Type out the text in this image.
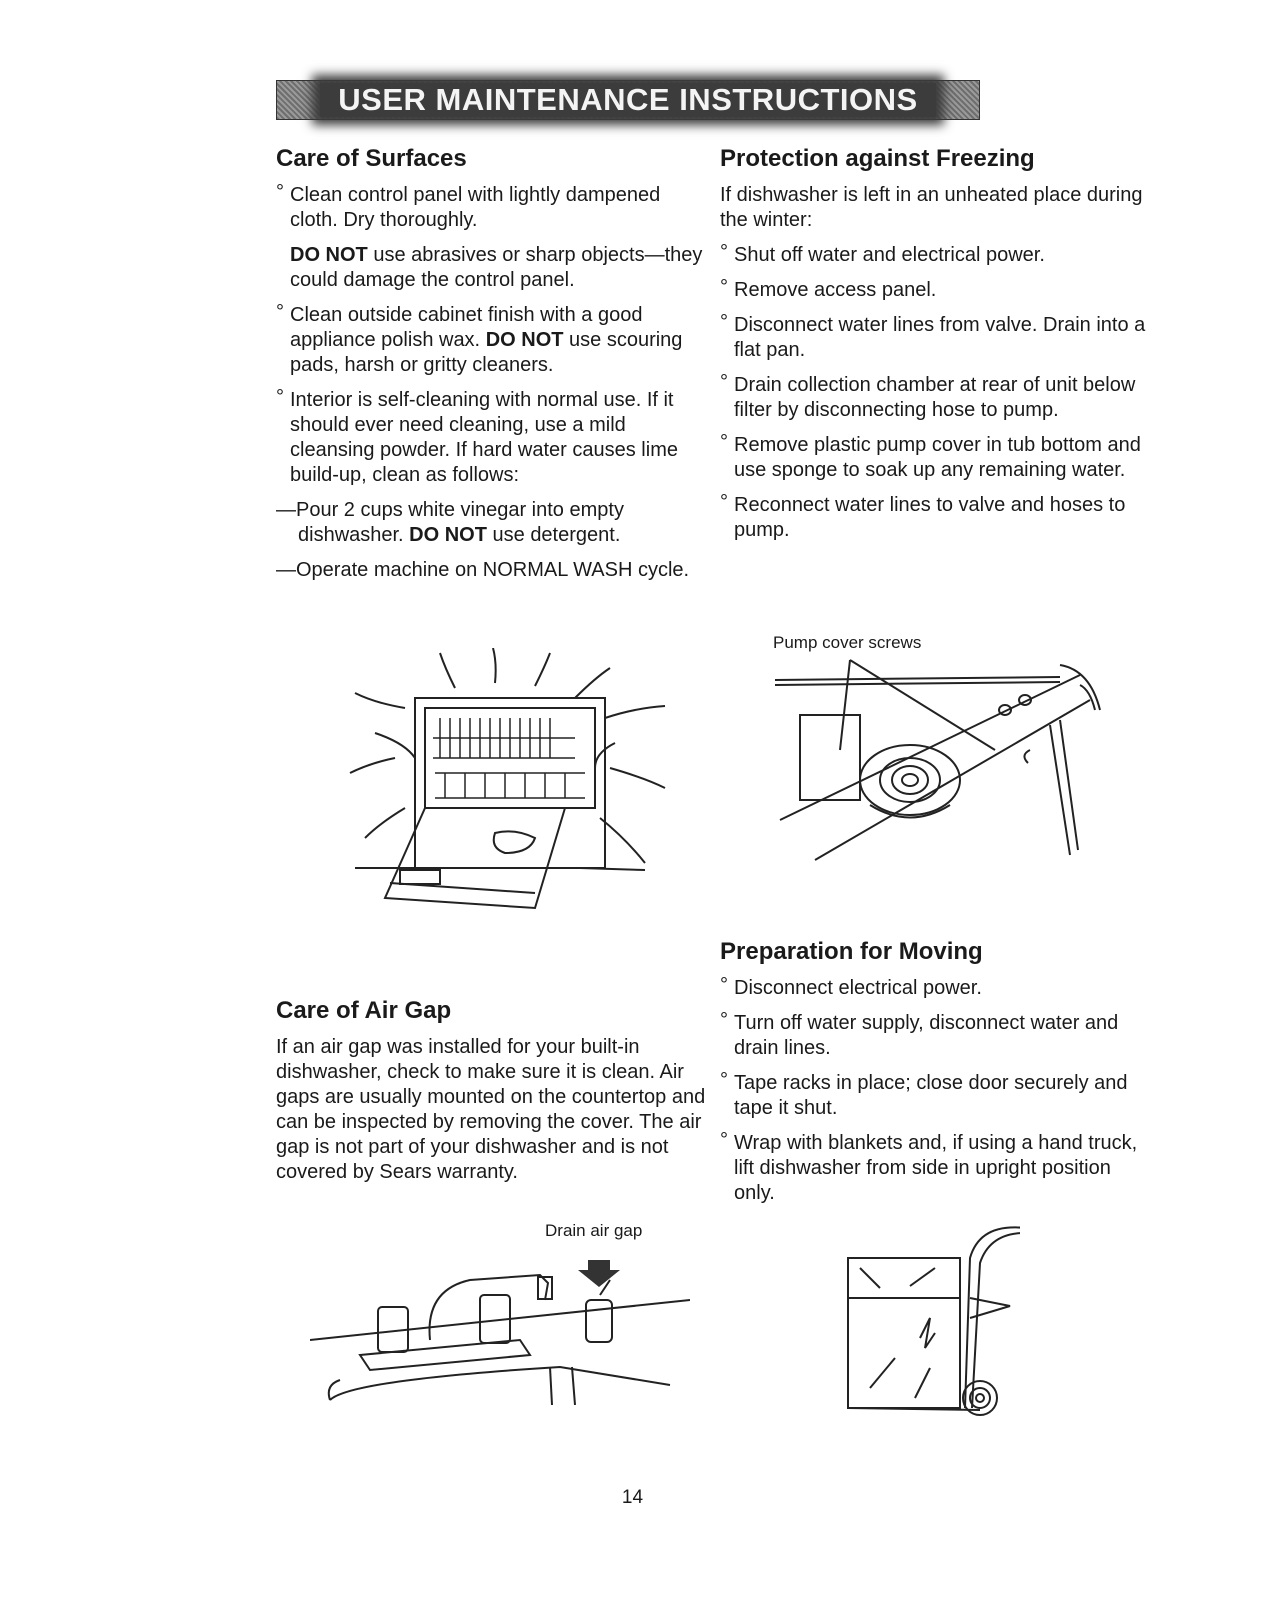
USER MAINTENANCE INSTRUCTIONS
Care of Surfaces
° Clean control panel with lightly dampened cloth. Dry thoroughly.

DO NOT use abrasives or sharp objects—they could damage the control panel.

° Clean outside cabinet finish with a good appliance polish wax. DO NOT use scouring pads, harsh or gritty cleaners.
° Interior is self-cleaning with normal use. If it should ever need cleaning, use a mild cleansing powder. If hard water causes lime build-up, clean as follows:
—Pour 2 cups white vinegar into empty dishwasher. DO NOT use detergent.
—Operate machine on NORMAL WASH cycle.
Care of Air Gap

If an air gap was installed for your built-in dishwasher, check to make sure it is clean. Air gaps are usually mounted on the countertop and can be inspected by removing the cover. The air gap is not part of your dishwasher and is not covered by Sears warranty.

Drain air gap
Protection against Freezing

If dishwasher is left in an unheated place during the winter:

° Shut off water and electrical power.
° Remove access panel.
° Disconnect water lines from valve. Drain into a flat pan.
° Drain collection chamber at rear of unit below filter by disconnecting hose to pump.
° Remove plastic pump cover in tub bottom and use sponge to soak up any remaining water.
° Reconnect water lines to valve and hoses to pump.
Pump cover screws
Preparation for Moving
° Disconnect electrical power.
° Turn off water supply, disconnect water and drain lines.
° Tape racks in place; close door securely and tape it shut.
° Wrap with blankets and, if using a hand truck, lift dishwasher from side in upright position only.
14
